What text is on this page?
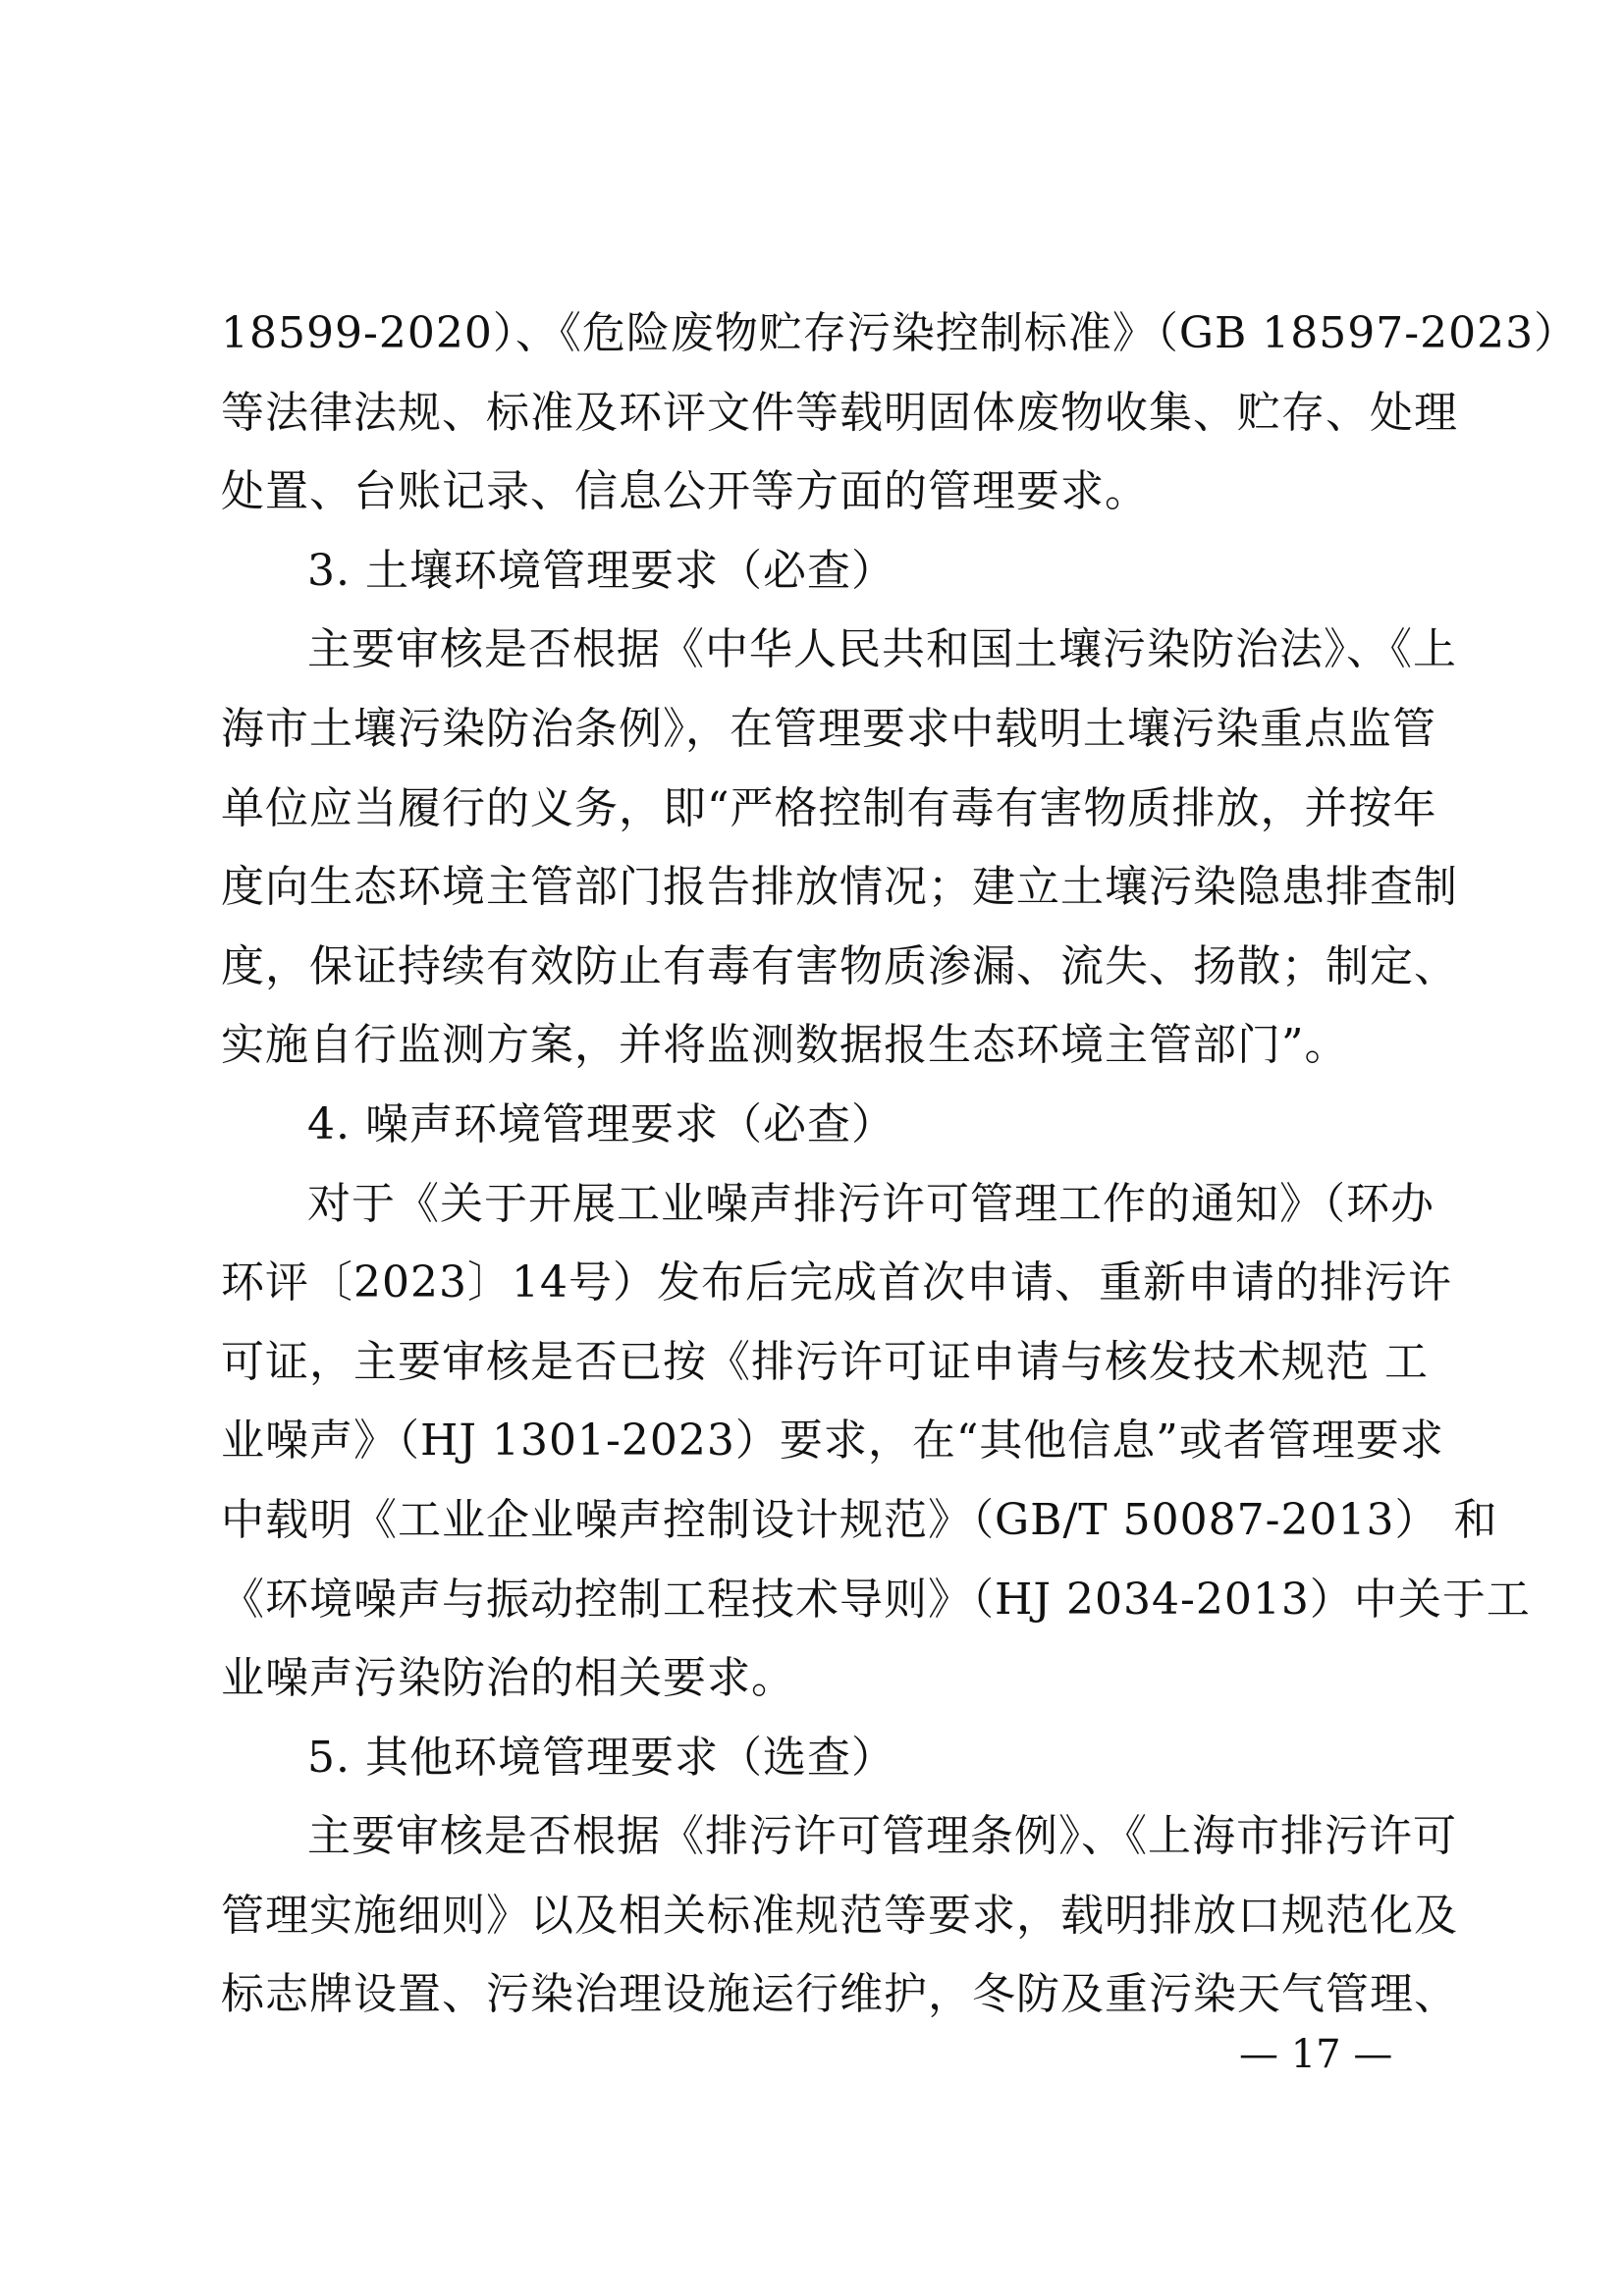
18599-2020）、《危险废物贮存污染控制标准》（GB 18597-2023）
等法律法规、标准及环评文件等载明固体废物收集、贮存、处理
处置、台账记录、信息公开等方面的管理要求。
3. 土壤环境管理要求（必查）
主要审核是否根据《中华人民共和国土壤污染防治法》、《上
海市土壤污染防治条例》，在管理要求中载明土壤污染重点监管
单位应当履行的义务，即“严格控制有毒有害物质排放，并按年
度向生态环境主管部门报告排放情况；建立土壤污染隐患排查制
度，保证持续有效防止有毒有害物质渗漏、流失、扬散；制定、
实施自行监测方案，并将监测数据报生态环境主管部门”。
4. 噪声环境管理要求（必查）
对于《关于开展工业噪声排污许可管理工作的通知》（环办
环评〔2023〕14号）发布后完成首次申请、重新申请的排污许
可证，主要审核是否已按《排污许可证申请与核发技术规范 工
业噪声》（HJ 1301-2023）要求，在“其他信息”或者管理要求
中载明《工业企业噪声控制设计规范》（GB/T 50087-2013） 和
《环境噪声与振动控制工程技术导则》（HJ 2034-2013）中关于工
业噪声污染防治的相关要求。
5. 其他环境管理要求（选查）
主要审核是否根据《排污许可管理条例》、《上海市排污许可
管理实施细则》以及相关标准规范等要求，载明排放口规范化及
标志牌设置、污染治理设施运行维护，冬防及重污染天气管理、
— 17 —
